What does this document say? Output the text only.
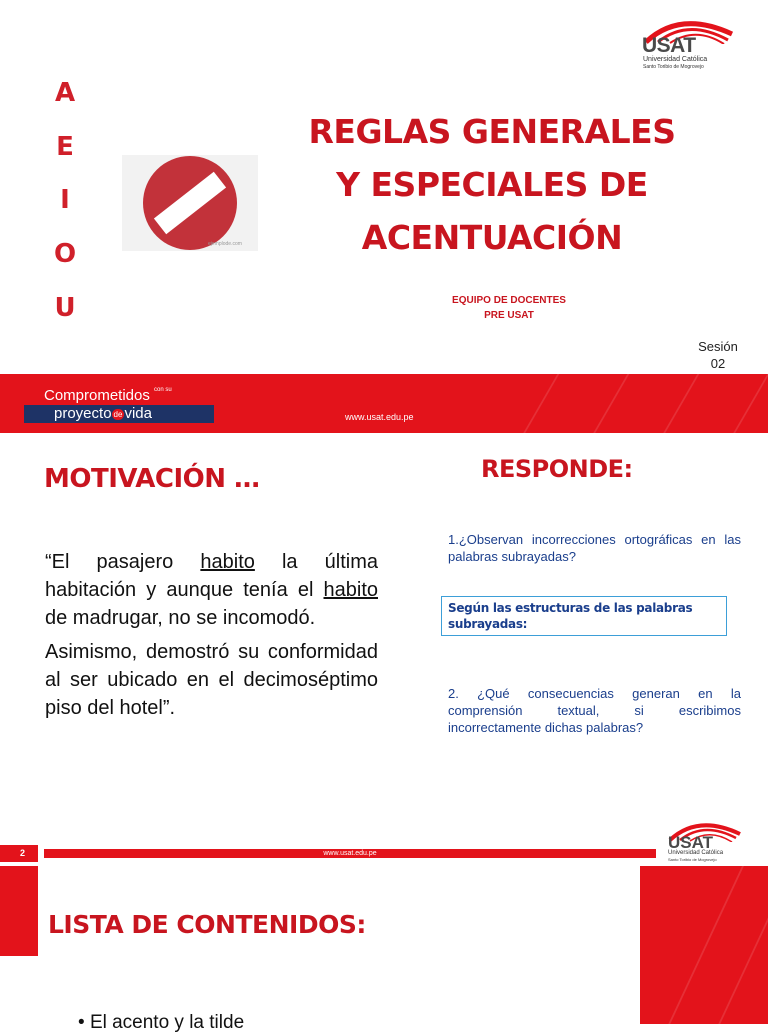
A
E
I
O
U
ejemplode.com
REGLAS GENERALES
Y ESPECIALES DE
ACENTUACIÓN
EQUIPO DE DOCENTES
PRE USAT
Sesión
02
USAT
Universidad Católica
Santo Toribio de Mogrovejo
Comprometidos con su
proyecto de vida	www.usat.edu.pe
MOTIVACIÓN …	RESPONDE:

“El pasajero habito la última habitación y aunque tenía el habito de madrugar, no se incomodó.

Asimismo, demostró su conformidad al ser ubicado en el decimoséptimo piso del hotel”.

1.¿Observan incorrecciones ortográficas en las palabras subrayadas?
Según las estructuras de las palabras subrayadas:
2. ¿Qué consecuencias generan en la comprensión textual, si escribimos incorrectamente dichas palabras?
2	www.usat.edu.pe
USAT
Universidad Católica
Santo Toribio de Mogrovejo
LISTA DE CONTENIDOS:
• El acento y la tilde
